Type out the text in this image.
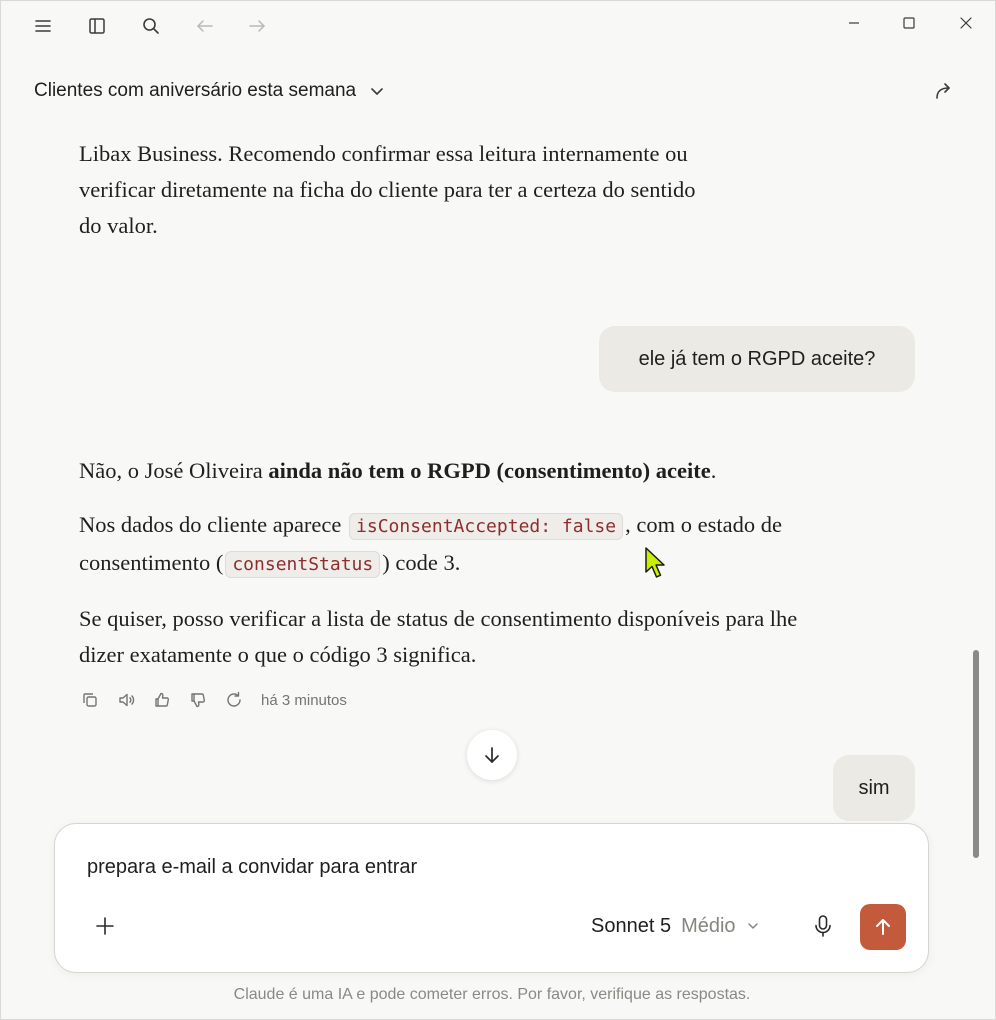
Clientes com aniversário esta semana

Libax Business. Recomendo confirmar essa leitura internamente ou

verificar diretamente na ficha do cliente para ter a certeza do sentido

do valor.

ele já tem o RGPD aceite?

Não, o José Oliveira ainda não tem o RGPD (consentimento) aceite.

Nos dados do cliente aparece isConsentAccepted: false , com o estado de consentimento ( consentStatus ) code 3.

Se quiser, posso verificar a lista de status de consentimento disponíveis para lhe dizer exatamente o que o código 3 significa.

há 3 minutos
sim
prepara e-mail a convidar para entrar
Sonnet 5 Médio
Claude é uma IA e pode cometer erros. Por favor, verifique as respostas.
